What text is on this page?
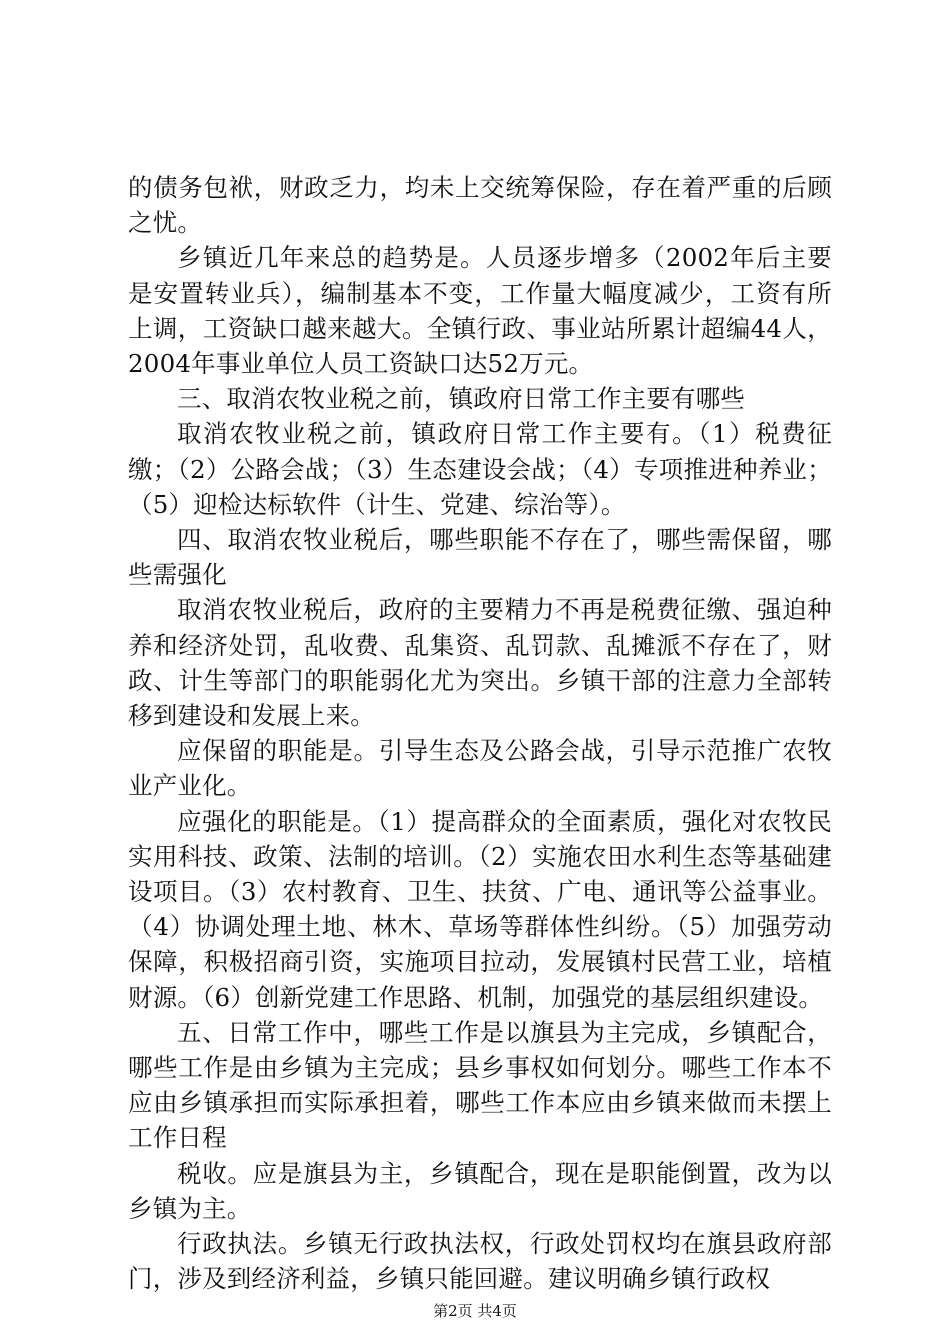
的债务包袱，财政乏力，均未上交统筹保险，存在着严重的后顾之忧。

乡镇近几年来总的趋势是。人员逐步增多（2002年后主要是安置转业兵），编制基本不变，工作量大幅度减少，工资有所上调，工资缺口越来越大。全镇行政、事业站所累计超编44人，2004年事业单位人员工资缺口达52万元。

三、取消农牧业税之前，镇政府日常工作主要有哪些

取消农牧业税之前，镇政府日常工作主要有。（1）税费征缴；（2）公路会战；（3）生态建设会战；（4）专项推进种养业；（5）迎检达标软件（计生、党建、综治等）。

四、取消农牧业税后，哪些职能不存在了，哪些需保留，哪些需强化

取消农牧业税后，政府的主要精力不再是税费征缴、强迫种养和经济处罚，乱收费、乱集资、乱罚款、乱摊派不存在了，财政、计生等部门的职能弱化尤为突出。乡镇干部的注意力全部转移到建设和发展上来。

应保留的职能是。引导生态及公路会战，引导示范推广农牧业产业化。

应强化的职能是。（1）提高群众的全面素质，强化对农牧民实用科技、政策、法制的培训。（2）实施农田水利生态等基础建设项目。（3）农村教育、卫生、扶贫、广电、通讯等公益事业。（4）协调处理土地、林木、草场等群体性纠纷。（5）加强劳动保障，积极招商引资，实施项目拉动，发展镇村民营工业，培植财源。（6）创新党建工作思路、机制，加强党的基层组织建设。

五、日常工作中，哪些工作是以旗县为主完成，乡镇配合，哪些工作是由乡镇为主完成；县乡事权如何划分。哪些工作本不应由乡镇承担而实际承担着，哪些工作本应由乡镇来做而未摆上工作日程

税收。应是旗县为主，乡镇配合，现在是职能倒置，改为以乡镇为主。

行政执法。乡镇无行政执法权，行政处罚权均在旗县政府部门，涉及到经济利益，乡镇只能回避。建议明确乡镇行政权

第2页 共4页
